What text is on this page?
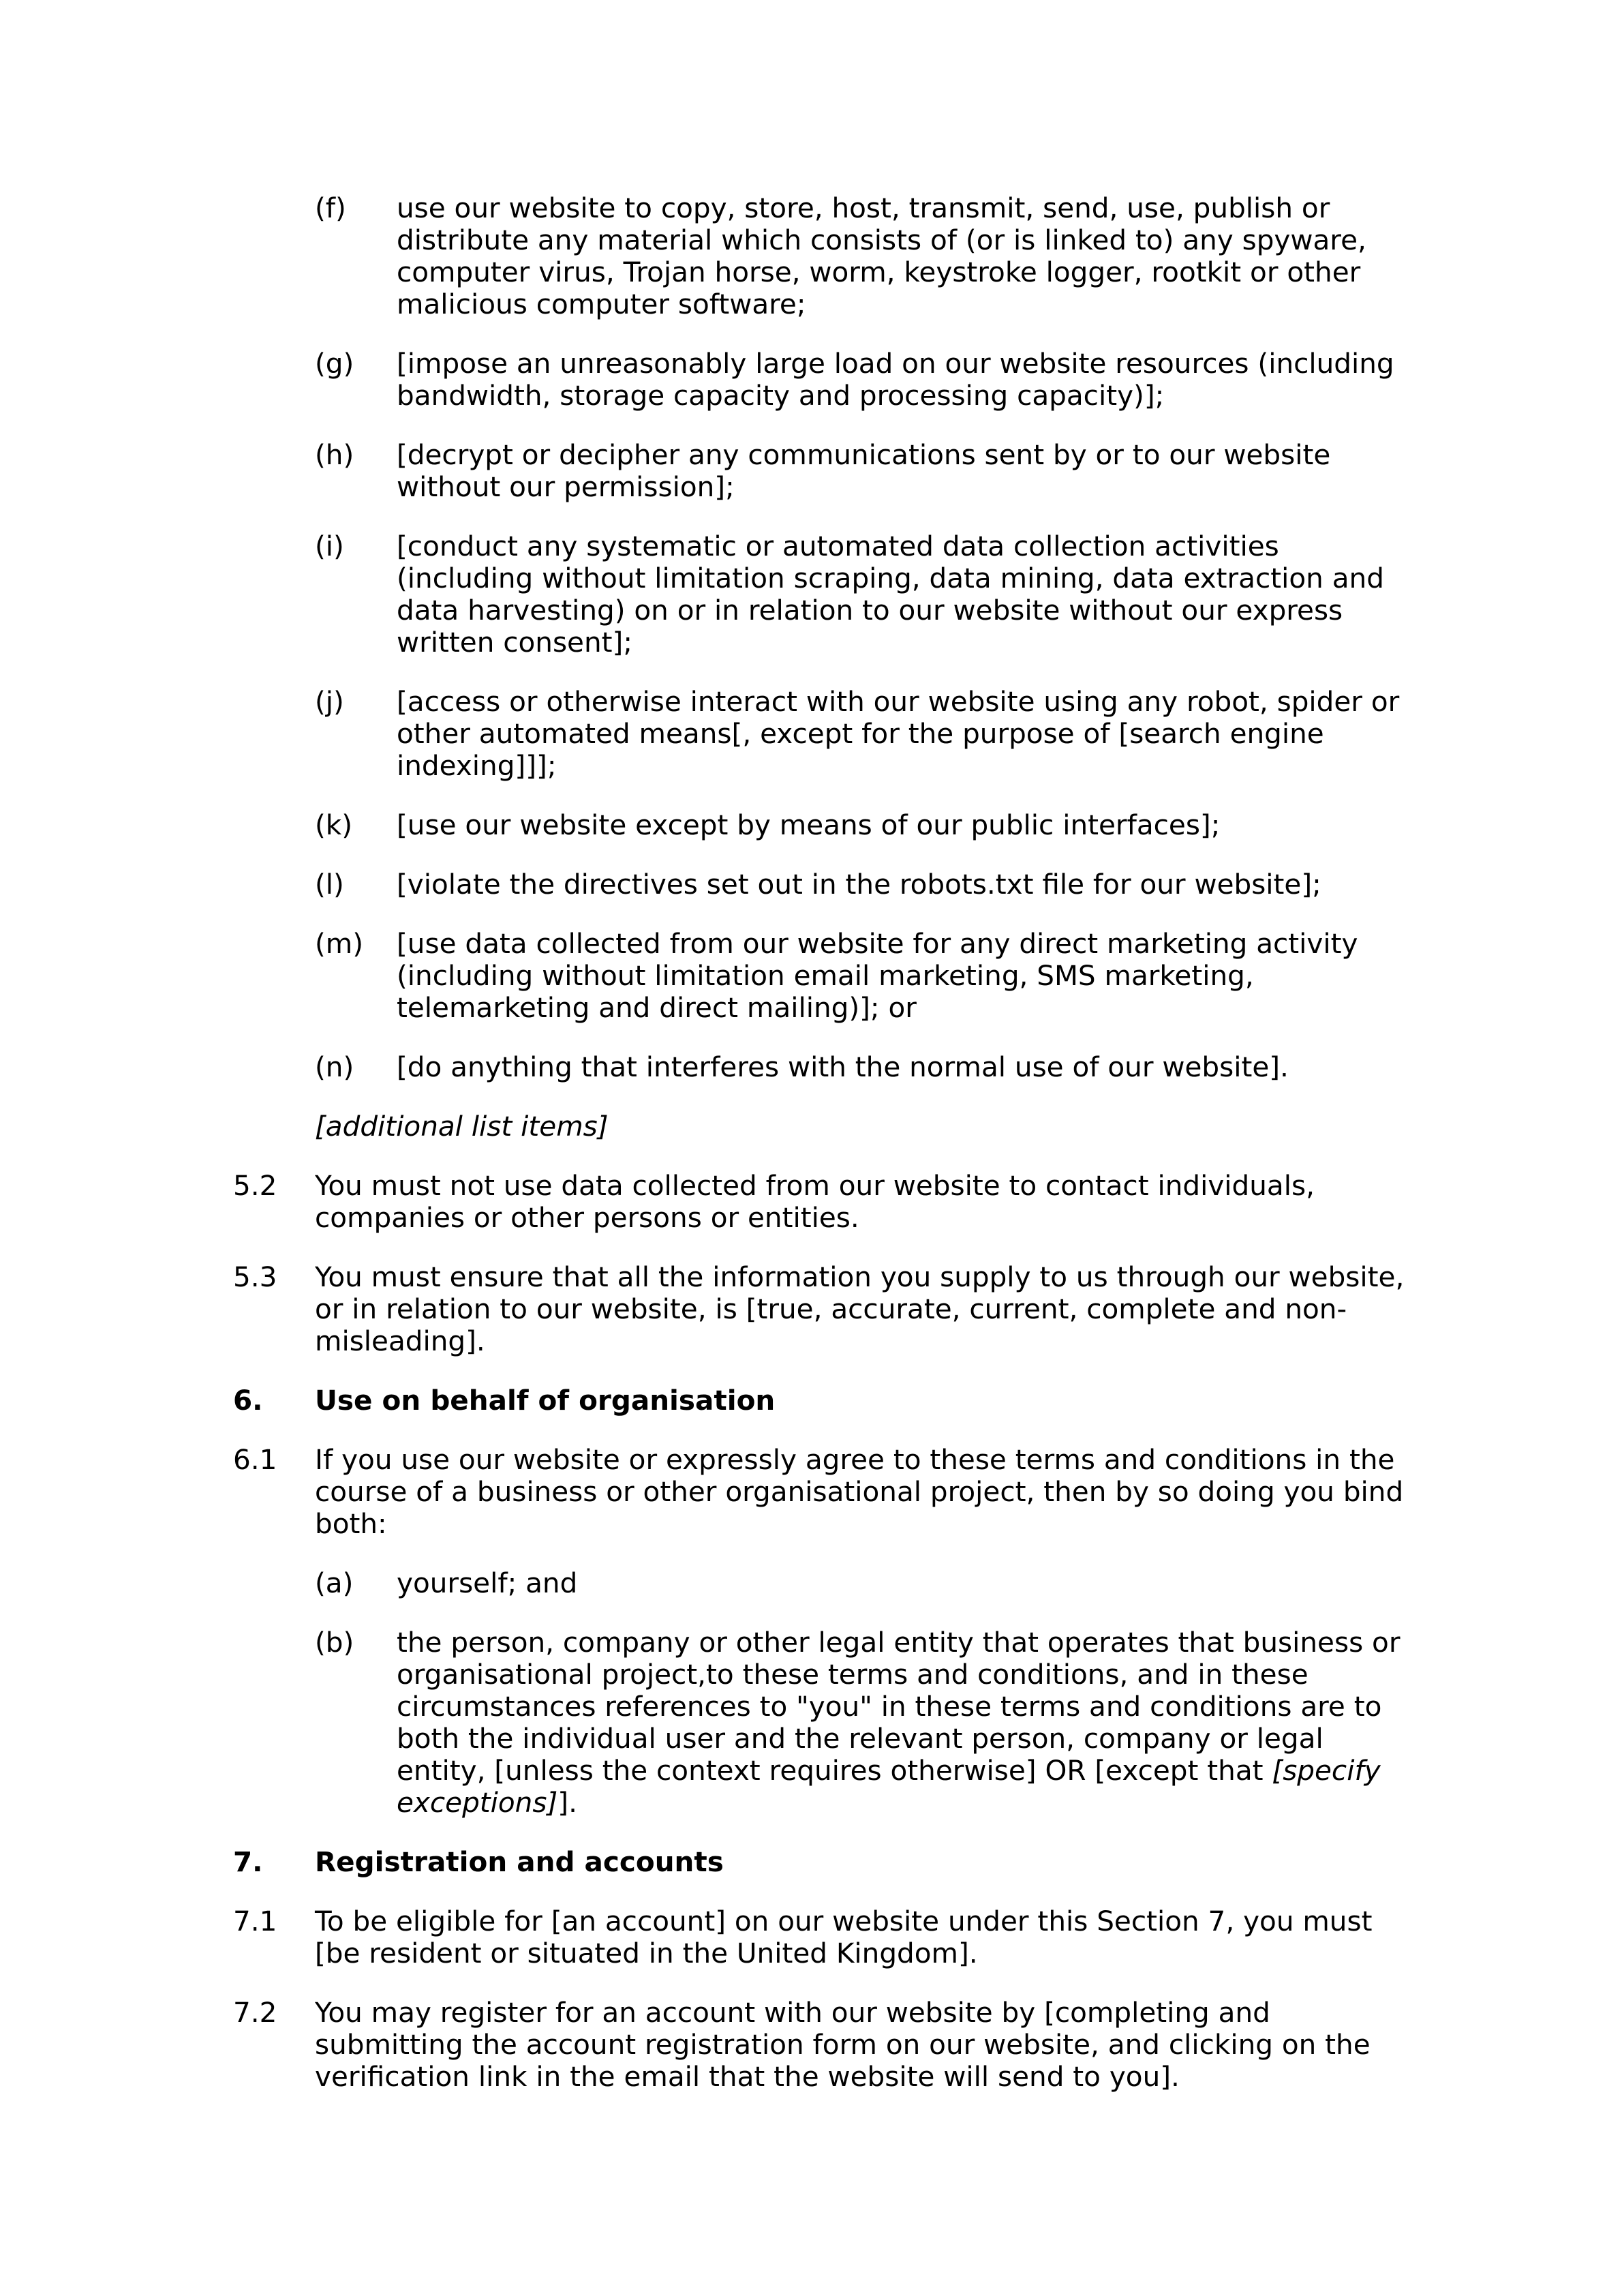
(f) use our website to copy, store, host, transmit, send, use, publish or distribute any material which consists of (or is linked to) any spyware, computer virus, Trojan horse, worm, keystroke logger, rootkit or other malicious computer software;
(g) [impose an unreasonably large load on our website resources (including bandwidth, storage capacity and processing capacity)];
(h) [decrypt or decipher any communications sent by or to our website without our permission];
(i) [conduct any systematic or automated data collection activities (including without limitation scraping, data mining, data extraction and data harvesting) on or in relation to our website without our express written consent];
(j) [access or otherwise interact with our website using any robot, spider or other automated means[, except for the purpose of [search engine indexing]]];
(k) [use our website except by means of our public interfaces];
(l) [violate the directives set out in the robots.txt file for our website];
(m) [use data collected from our website for any direct marketing activity (including without limitation email marketing, SMS marketing, telemarketing and direct mailing)]; or
(n) [do anything that interferes with the normal use of our website].
[additional list items]
5.2 You must not use data collected from our website to contact individuals, companies or other persons or entities.
5.3 You must ensure that all the information you supply to us through our website, or in relation to our website, is [true, accurate, current, complete and non-misleading].
6. Use on behalf of organisation
6.1 If you use our website or expressly agree to these terms and conditions in the course of a business or other organisational project, then by so doing you bind both:
(a) yourself; and
(b) the person, company or other legal entity that operates that business or organisational project,to these terms and conditions, and in these circumstances references to "you" in these terms and conditions are to both the individual user and the relevant person, company or legal entity, [unless the context requires otherwise] OR [except that [specify exceptions]].
7. Registration and accounts
7.1 To be eligible for [an account] on our website under this Section 7, you must [be resident or situated in the United Kingdom].
7.2 You may register for an account with our website by [completing and submitting the account registration form on our website, and clicking on the verification link in the email that the website will send to you].
